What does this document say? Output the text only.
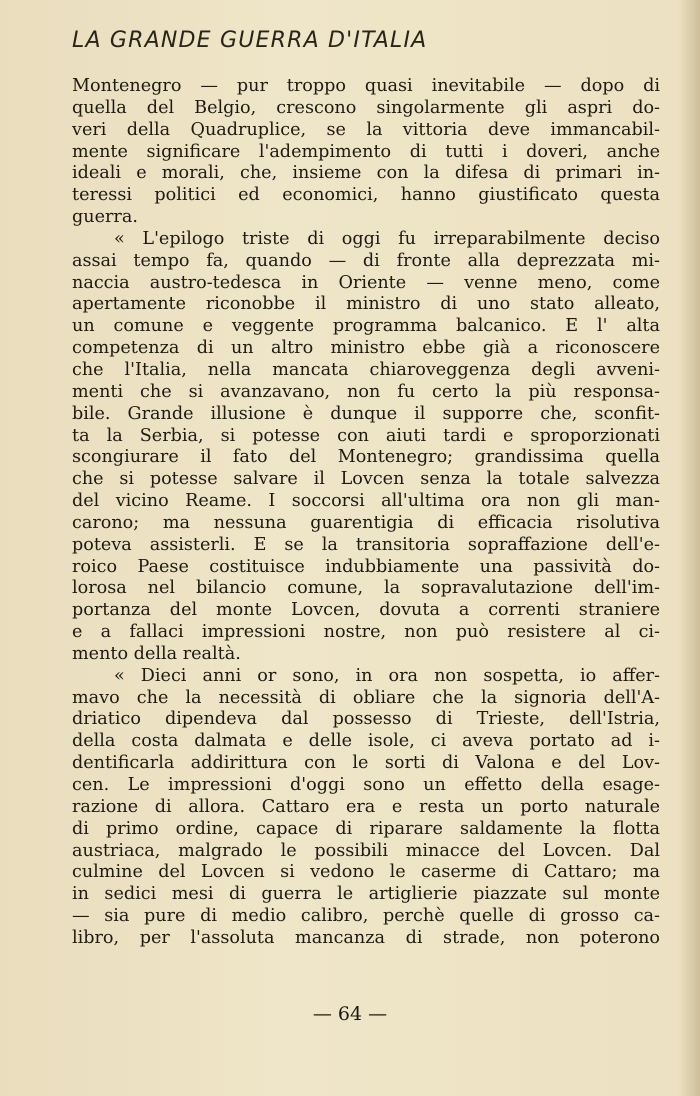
LA GRANDE GUERRA D'ITALIA
Montenegro — pur troppo quasi inevitabile — dopo di
quella del Belgio, crescono singolarmente gli aspri do-
veri della Quadruplice, se la vittoria deve immancabil-
mente significare l'adempimento di tutti i doveri, anche
ideali e morali, che, insieme con la difesa di primari in-
teressi politici ed economici, hanno giustificato questa
guerra.
« L'epilogo triste di oggi fu irreparabilmente deciso
assai tempo fa, quando — di fronte alla deprezzata mi-
naccia austro-tedesca in Oriente — venne meno, come
apertamente riconobbe il ministro di uno stato alleato,
un comune e veggente programma balcanico. E l' alta
competenza di un altro ministro ebbe già a riconoscere
che l'Italia, nella mancata chiaroveggenza degli avveni-
menti che si avanzavano, non fu certo la più responsa-
bile. Grande illusione è dunque il supporre che, sconfit-
ta la Serbia, si potesse con aiuti tardi e sproporzionati
scongiurare il fato del Montenegro; grandissima quella
che si potesse salvare il Lovcen senza la totale salvezza
del vicino Reame. I soccorsi all'ultima ora non gli man-
carono; ma nessuna guarentigia di efficacia risolutiva
poteva assisterli. E se la transitoria sopraffazione dell'e-
roico Paese costituisce indubbiamente una passività do-
lorosa nel bilancio comune, la sopravalutazione dell'im-
portanza del monte Lovcen, dovuta a correnti straniere
e a fallaci impressioni nostre, non può resistere al ci-
mento della realtà.
« Dieci anni or sono, in ora non sospetta, io affer-
mavo che la necessità di obliare che la signoria dell'A-
driatico dipendeva dal possesso di Trieste, dell'Istria,
della costa dalmata e delle isole, ci aveva portato ad i-
dentificarla addirittura con le sorti di Valona e del Lov-
cen. Le impressioni d'oggi sono un effetto della esage-
razione di allora. Cattaro era e resta un porto naturale
di primo ordine, capace di riparare saldamente la flotta
austriaca, malgrado le possibili minacce del Lovcen. Dal
culmine del Lovcen si vedono le caserme di Cattaro; ma
in sedici mesi di guerra le artiglierie piazzate sul monte
— sia pure di medio calibro, perchè quelle di grosso ca-
libro, per l'assoluta mancanza di strade, non poterono
— 64 —
